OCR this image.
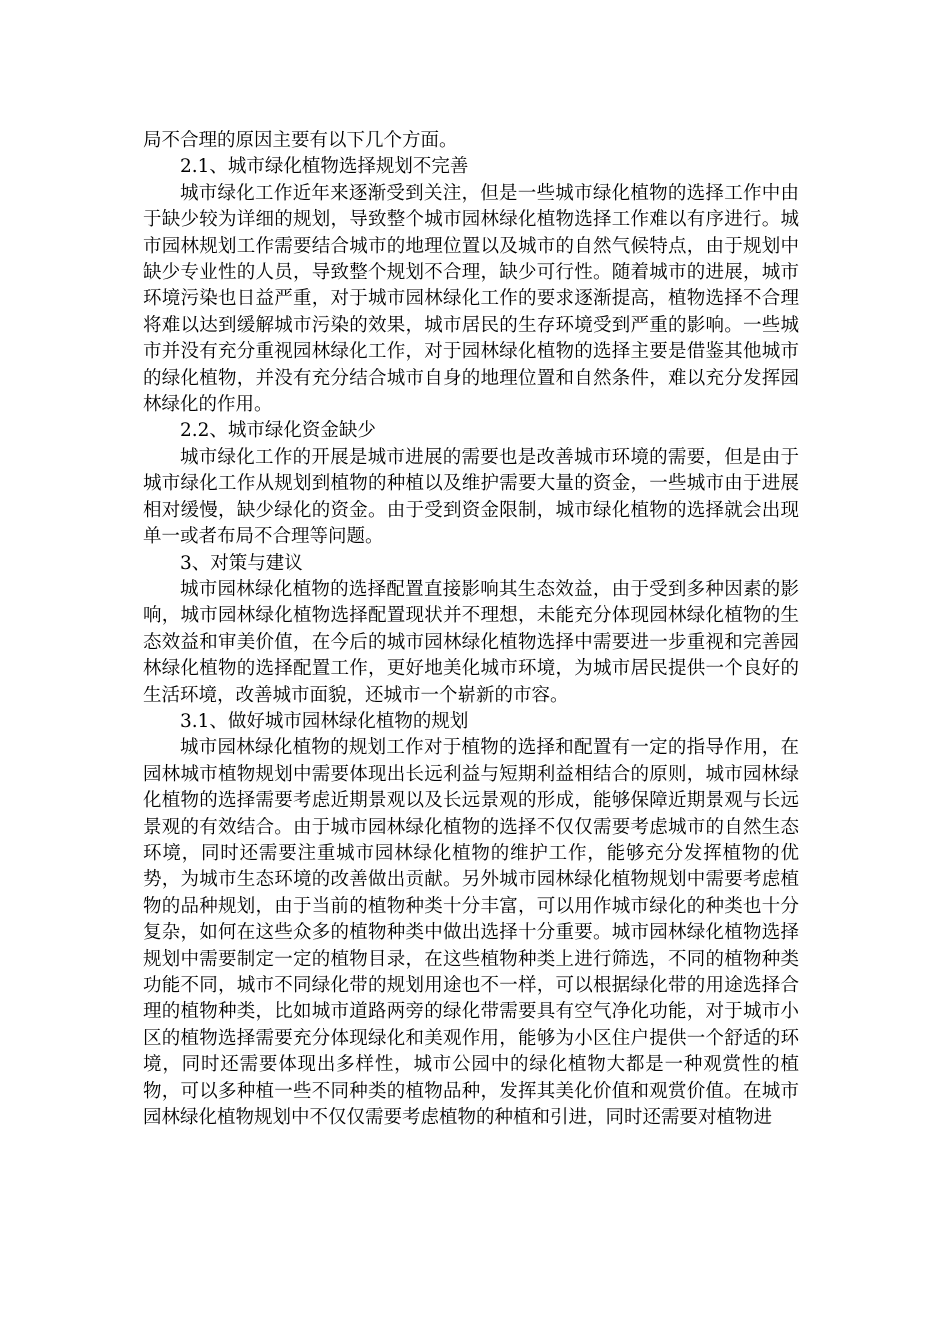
局不合理的原因主要有以下几个方面。

2.1、城市绿化植物选择规划不完善

城市绿化工作近年来逐渐受到关注，但是一些城市绿化植物的选择工作中由于缺少较为详细的规划，导致整个城市园林绿化植物选择工作难以有序进行。城市园林规划工作需要结合城市的地理位置以及城市的自然气候特点，由于规划中缺少专业性的人员，导致整个规划不合理，缺少可行性。随着城市的进展，城市环境污染也日益严重，对于城市园林绿化工作的要求逐渐提高，植物选择不合理将难以达到缓解城市污染的效果，城市居民的生存环境受到严重的影响。一些城市并没有充分重视园林绿化工作，对于园林绿化植物的选择主要是借鉴其他城市的绿化植物，并没有充分结合城市自身的地理位置和自然条件，难以充分发挥园林绿化的作用。

2.2、城市绿化资金缺少

城市绿化工作的开展是城市进展的需要也是改善城市环境的需要，但是由于城市绿化工作从规划到植物的种植以及维护需要大量的资金，一些城市由于进展相对缓慢，缺少绿化的资金。由于受到资金限制，城市绿化植物的选择就会出现单一或者布局不合理等问题。

3、对策与建议

城市园林绿化植物的选择配置直接影响其生态效益，由于受到多种因素的影响，城市园林绿化植物选择配置现状并不理想，未能充分体现园林绿化植物的生态效益和审美价值，在今后的城市园林绿化植物选择中需要进一步重视和完善园林绿化植物的选择配置工作，更好地美化城市环境，为城市居民提供一个良好的生活环境，改善城市面貌，还城市一个崭新的市容。

3.1、做好城市园林绿化植物的规划

城市园林绿化植物的规划工作对于植物的选择和配置有一定的指导作用，在园林城市植物规划中需要体现出长远利益与短期利益相结合的原则，城市园林绿化植物的选择需要考虑近期景观以及长远景观的形成，能够保障近期景观与长远景观的有效结合。由于城市园林绿化植物的选择不仅仅需要考虑城市的自然生态环境，同时还需要注重城市园林绿化植物的维护工作，能够充分发挥植物的优势，为城市生态环境的改善做出贡献。另外城市园林绿化植物规划中需要考虑植物的品种规划，由于当前的植物种类十分丰富，可以用作城市绿化的种类也十分复杂，如何在这些众多的植物种类中做出选择十分重要。城市园林绿化植物选择规划中需要制定一定的植物目录，在这些植物种类上进行筛选，不同的植物种类功能不同，城市不同绿化带的规划用途也不一样，可以根据绿化带的用途选择合理的植物种类，比如城市道路两旁的绿化带需要具有空气净化功能，对于城市小区的植物选择需要充分体现绿化和美观作用，能够为小区住户提供一个舒适的环境，同时还需要体现出多样性，城市公园中的绿化植物大都是一种观赏性的植物，可以多种植一些不同种类的植物品种，发挥其美化价值和观赏价值。在城市园林绿化植物规划中不仅仅需要考虑植物的种植和引进，同时还需要对植物进
